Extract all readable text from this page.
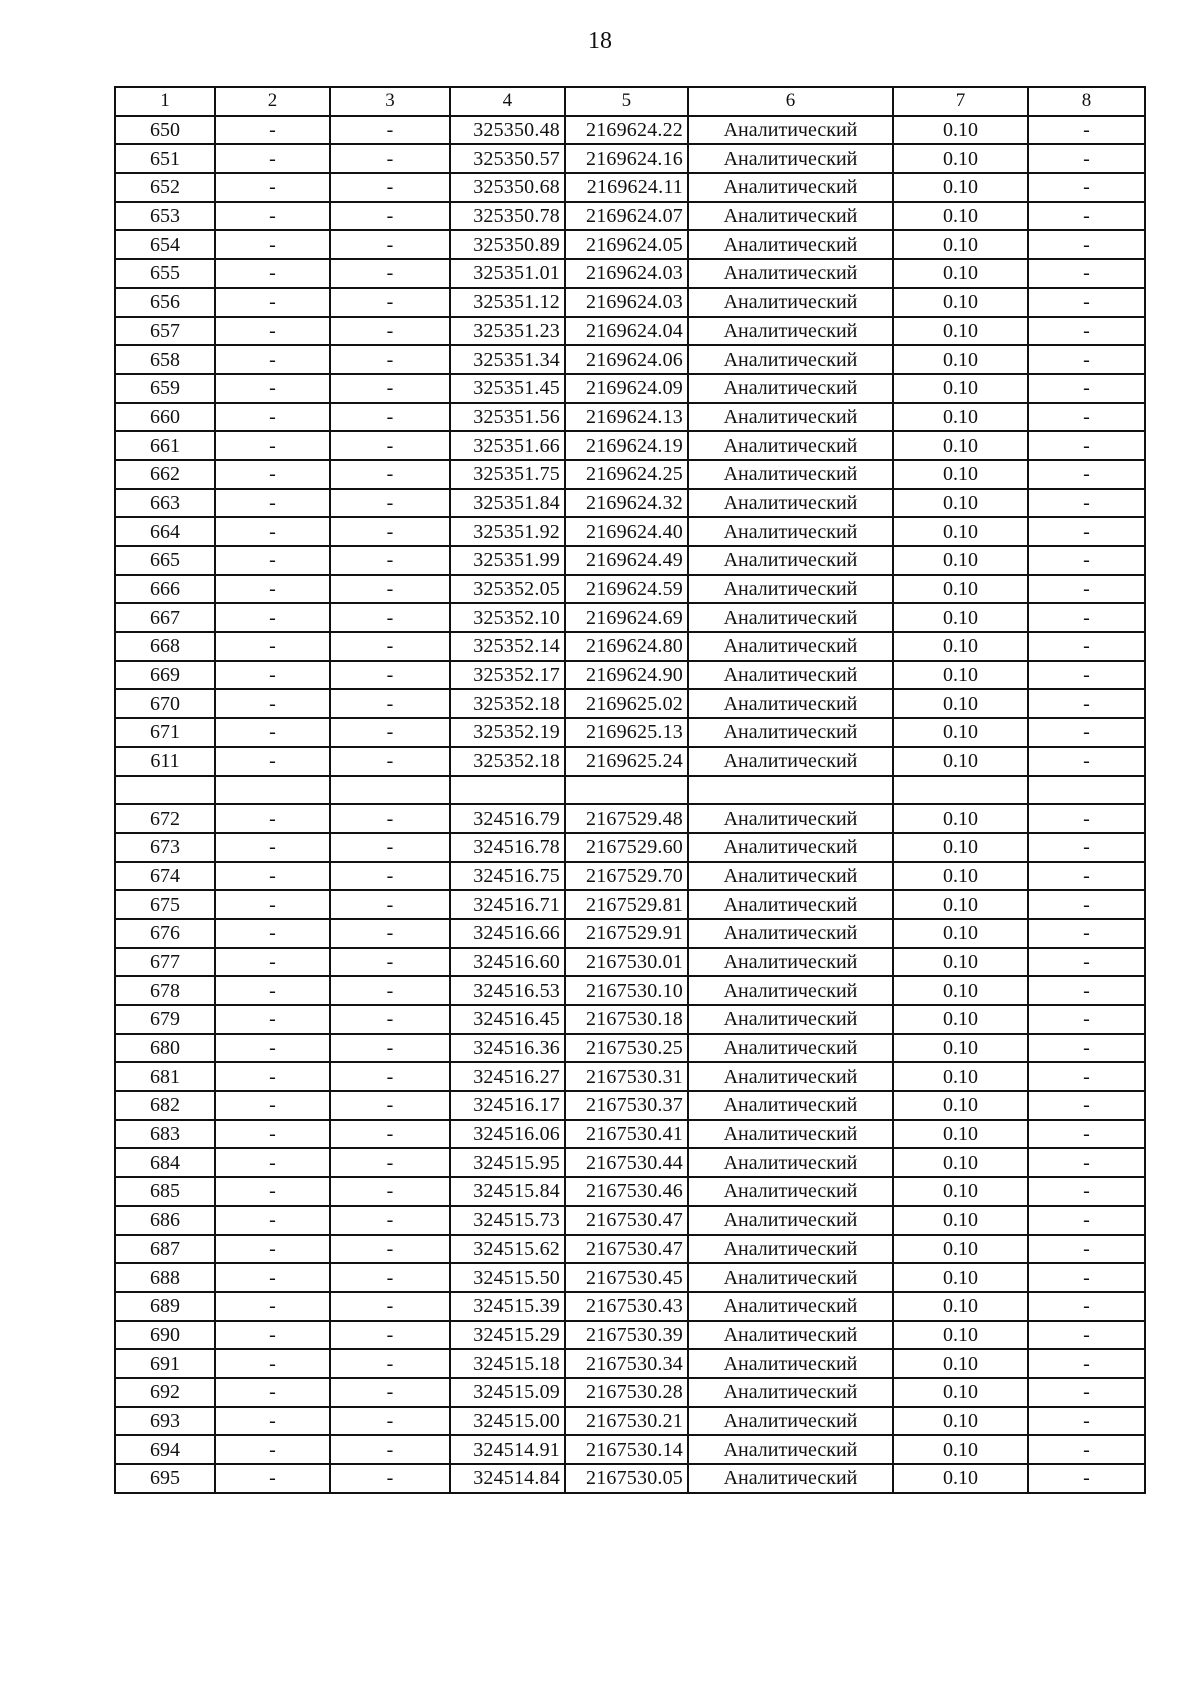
18
1	2	3	4	5	6	7	8
650	-	-	325350.48	2169624.22	Аналитический	0.10	-
651	-	-	325350.57	2169624.16	Аналитический	0.10	-
652	-	-	325350.68	2169624.11	Аналитический	0.10	-
653	-	-	325350.78	2169624.07	Аналитический	0.10	-
654	-	-	325350.89	2169624.05	Аналитический	0.10	-
655	-	-	325351.01	2169624.03	Аналитический	0.10	-
656	-	-	325351.12	2169624.03	Аналитический	0.10	-
657	-	-	325351.23	2169624.04	Аналитический	0.10	-
658	-	-	325351.34	2169624.06	Аналитический	0.10	-
659	-	-	325351.45	2169624.09	Аналитический	0.10	-
660	-	-	325351.56	2169624.13	Аналитический	0.10	-
661	-	-	325351.66	2169624.19	Аналитический	0.10	-
662	-	-	325351.75	2169624.25	Аналитический	0.10	-
663	-	-	325351.84	2169624.32	Аналитический	0.10	-
664	-	-	325351.92	2169624.40	Аналитический	0.10	-
665	-	-	325351.99	2169624.49	Аналитический	0.10	-
666	-	-	325352.05	2169624.59	Аналитический	0.10	-
667	-	-	325352.10	2169624.69	Аналитический	0.10	-
668	-	-	325352.14	2169624.80	Аналитический	0.10	-
669	-	-	325352.17	2169624.90	Аналитический	0.10	-
670	-	-	325352.18	2169625.02	Аналитический	0.10	-
671	-	-	325352.19	2169625.13	Аналитический	0.10	-
611	-	-	325352.18	2169625.24	Аналитический	0.10	-

672	-	-	324516.79	2167529.48	Аналитический	0.10	-
673	-	-	324516.78	2167529.60	Аналитический	0.10	-
674	-	-	324516.75	2167529.70	Аналитический	0.10	-
675	-	-	324516.71	2167529.81	Аналитический	0.10	-
676	-	-	324516.66	2167529.91	Аналитический	0.10	-
677	-	-	324516.60	2167530.01	Аналитический	0.10	-
678	-	-	324516.53	2167530.10	Аналитический	0.10	-
679	-	-	324516.45	2167530.18	Аналитический	0.10	-
680	-	-	324516.36	2167530.25	Аналитический	0.10	-
681	-	-	324516.27	2167530.31	Аналитический	0.10	-
682	-	-	324516.17	2167530.37	Аналитический	0.10	-
683	-	-	324516.06	2167530.41	Аналитический	0.10	-
684	-	-	324515.95	2167530.44	Аналитический	0.10	-
685	-	-	324515.84	2167530.46	Аналитический	0.10	-
686	-	-	324515.73	2167530.47	Аналитический	0.10	-
687	-	-	324515.62	2167530.47	Аналитический	0.10	-
688	-	-	324515.50	2167530.45	Аналитический	0.10	-
689	-	-	324515.39	2167530.43	Аналитический	0.10	-
690	-	-	324515.29	2167530.39	Аналитический	0.10	-
691	-	-	324515.18	2167530.34	Аналитический	0.10	-
692	-	-	324515.09	2167530.28	Аналитический	0.10	-
693	-	-	324515.00	2167530.21	Аналитический	0.10	-
694	-	-	324514.91	2167530.14	Аналитический	0.10	-
695	-	-	324514.84	2167530.05	Аналитический	0.10	-
